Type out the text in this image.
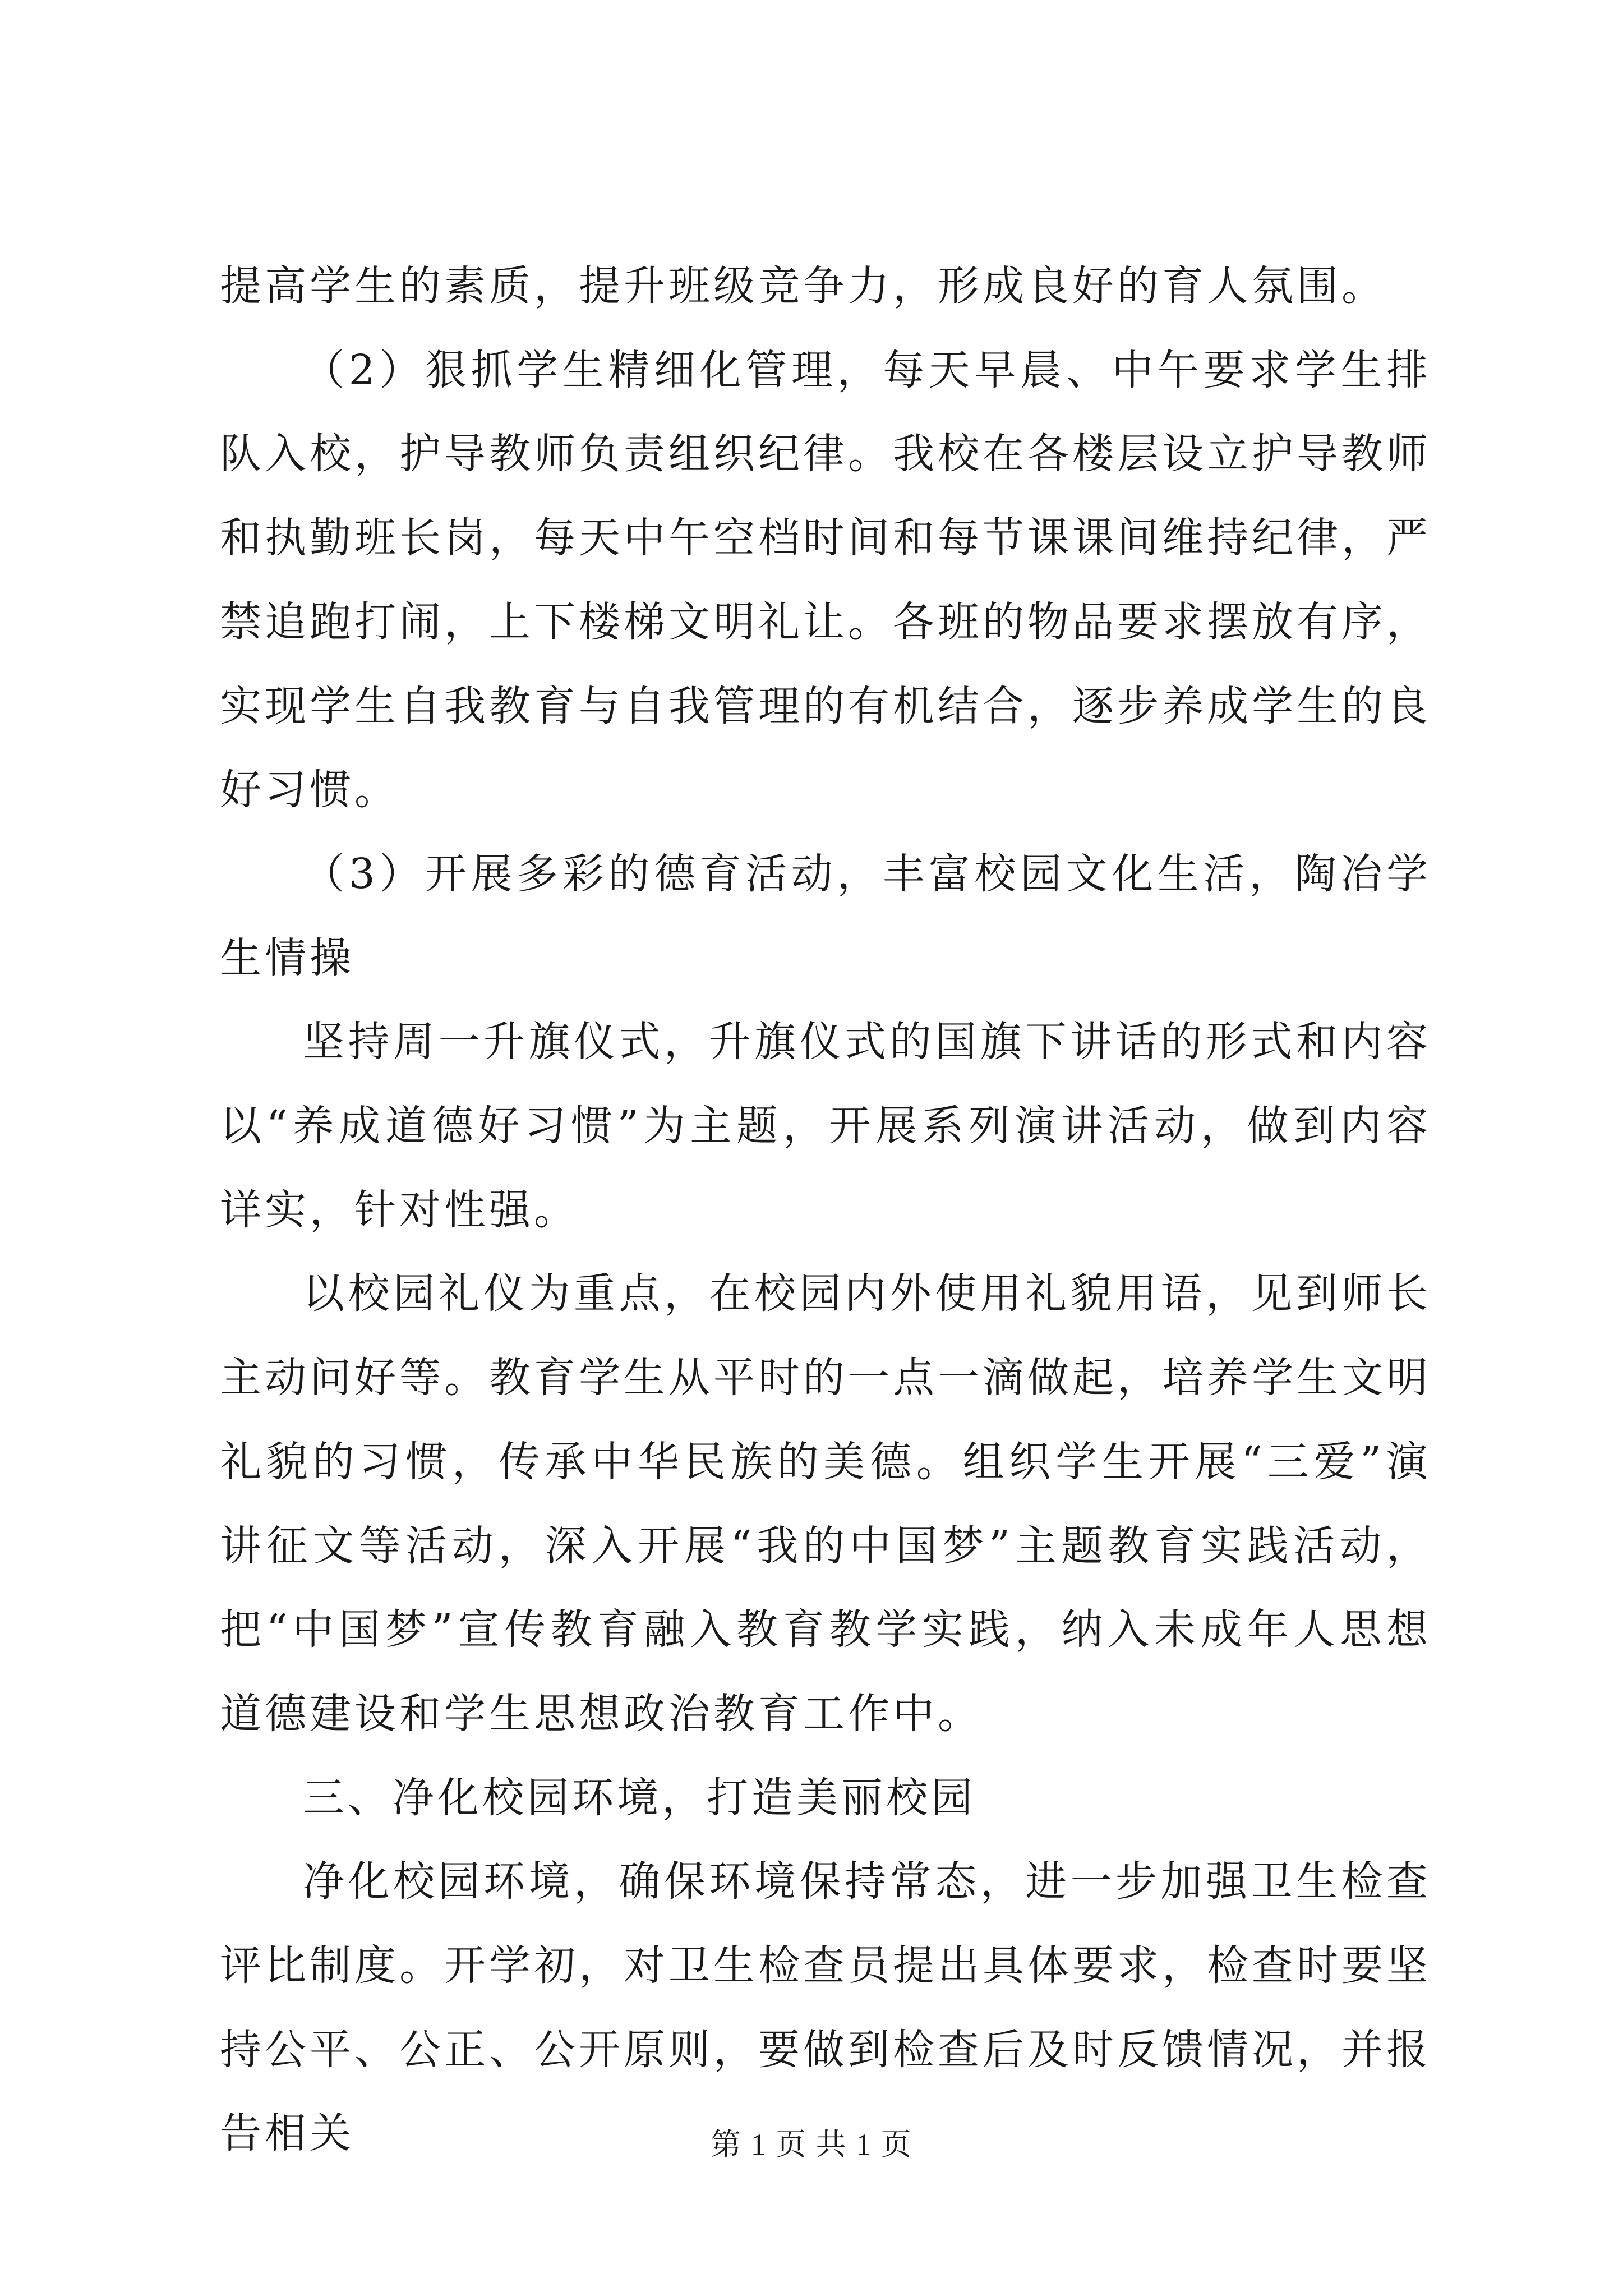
提高学生的素质，提升班级竞争力，形成良好的育人氛围。

（2）狠抓学生精细化管理，每天早晨、中午要求学生排队入校，护导教师负责组织纪律。我校在各楼层设立护导教师和执勤班长岗，每天中午空档时间和每节课课间维持纪律，严禁追跑打闹，上下楼梯文明礼让。各班的物品要求摆放有序，实现学生自我教育与自我管理的有机结合，逐步养成学生的良好习惯。

（3）开展多彩的德育活动，丰富校园文化生活，陶冶学生情操

坚持周一升旗仪式，升旗仪式的国旗下讲话的形式和内容以“养成道德好习惯”为主题，开展系列演讲活动，做到内容详实，针对性强。

以校园礼仪为重点，在校园内外使用礼貌用语，见到师长主动问好等。教育学生从平时的一点一滴做起，培养学生文明礼貌的习惯，传承中华民族的美德。组织学生开展“三爱”演讲征文等活动，深入开展“我的中国梦”主题教育实践活动，把“中国梦”宣传教育融入教育教学实践，纳入未成年人思想道德建设和学生思想政治教育工作中。

三、净化校园环境，打造美丽校园

净化校园环境，确保环境保持常态，进一步加强卫生检查评比制度。开学初，对卫生检查员提出具体要求，检查时要坚持公平、公正、公开原则，要做到检查后及时反馈情况，并报告相关	第 1 页 共 1 页
